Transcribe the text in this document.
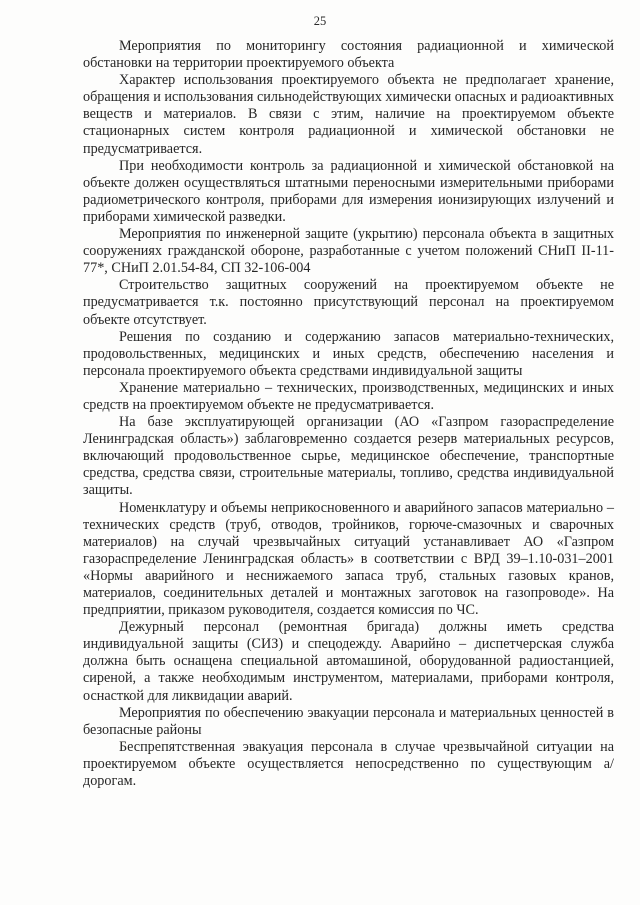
25

Мероприятия по мониторингу состояния радиационной и химической обстановки на территории проектируемого объекта

Характер использования проектируемого объекта не предполагает хранение, обращения и использования сильнодействующих химически опасных и радиоактивных веществ и материалов. В связи с этим, наличие на проектируемом объекте стационарных систем контроля радиационной и химической обстановки не предусматривается.

При необходимости контроль за радиационной и химической обстановкой на объекте должен осуществляться штатными переносными измерительными приборами радиометрического контроля, приборами для измерения ионизирующих излучений и приборами химической разведки.

Мероприятия по инженерной защите (укрытию) персонала объекта в защитных сооружениях гражданской обороне, разработанные с учетом положений СНиП II-11-77*, СНиП 2.01.54-84, СП 32-106-004

Строительство защитных сооружений на проектируемом объекте не предусматривается т.к. постоянно присутствующий персонал на проектируемом объекте отсутствует.

Решения по созданию и содержанию запасов материально-технических, продовольственных, медицинских и иных средств, обеспечению населения и персонала проектируемого объекта средствами индивидуальной защиты

Хранение материально – технических, производственных, медицинских и иных средств на проектируемом объекте не предусматривается.

На базе эксплуатирующей организации (АО «Газпром газораспределение Ленинградская область») заблаговременно создается резерв материальных ресурсов, включающий продовольственное сырье, медицинское обеспечение, транспортные средства, средства связи, строительные материалы, топливо, средства индивидуальной защиты.

Номенклатуру и объемы неприкосновенного и аварийного запасов материально –технических средств (труб, отводов, тройников, горюче-смазочных и сварочных материалов) на случай чрезвычайных ситуаций устанавливает АО «Газпром газораспределение Ленинградская область» в соответствии с ВРД 39–1.10-031–2001 «Нормы аварийного и неснижаемого запаса труб, стальных газовых кранов, материалов, соединительных деталей и монтажных заготовок на газопроводе». На предприятии, приказом руководителя, создается комиссия по ЧС.

Дежурный персонал (ремонтная бригада) должны иметь средства индивидуальной защиты (СИЗ) и спецодежду. Аварийно – диспетчерская служба должна быть оснащена специальной автомашиной, оборудованной радиостанцией, сиреной, а также необходимым инструментом, материалами, приборами контроля, оснасткой для ликвидации аварий.

Мероприятия по обеспечению эвакуации персонала и материальных ценностей в безопасные районы

Беспрепятственная эвакуация персонала в случае чрезвычайной ситуации на проектируемом объекте осуществляется непосредственно по существующим а/дорогам.
